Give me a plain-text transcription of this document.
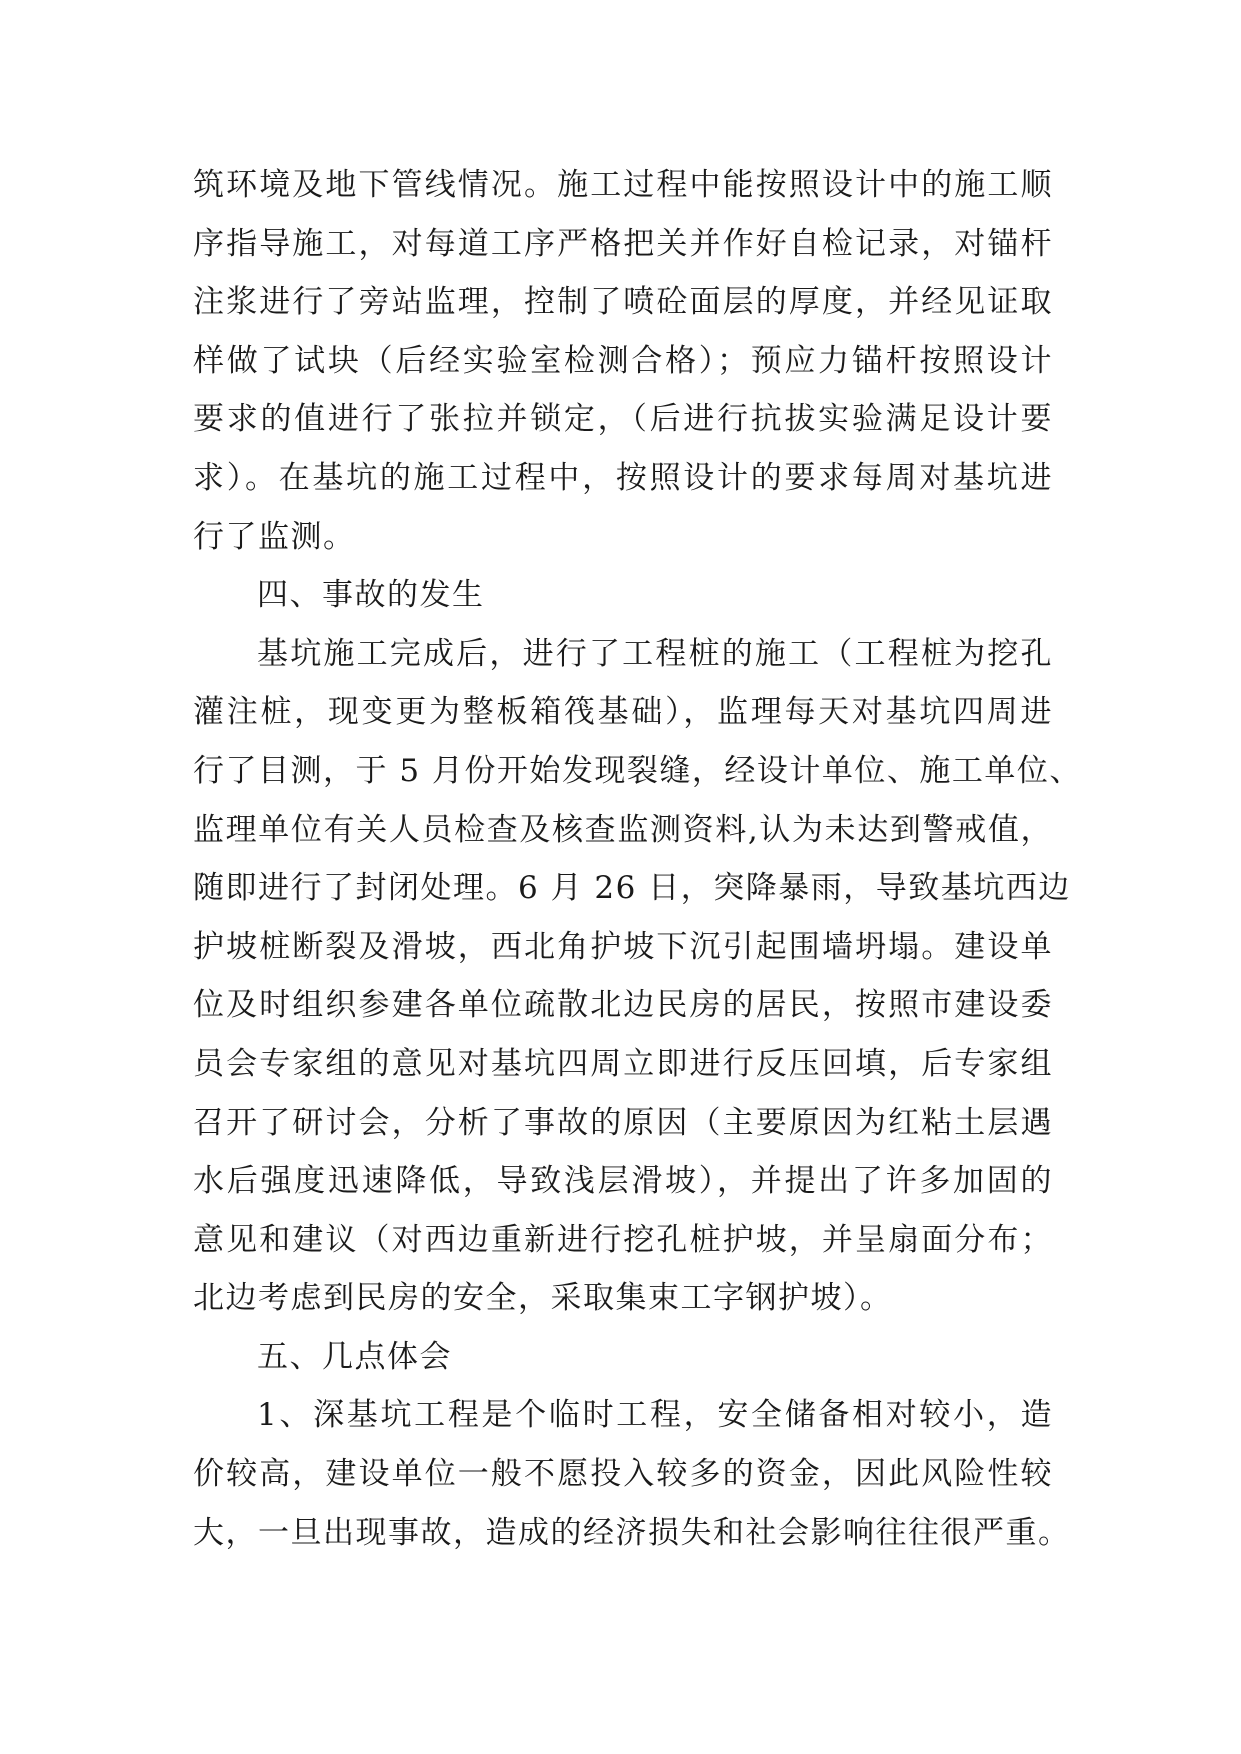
筑环境及地下管线情况。施工过程中能按照设计中的施工顺
序指导施工，对每道工序严格把关并作好自检记录，对锚杆
注浆进行了旁站监理，控制了喷砼面层的厚度，并经见证取
样做了试块（后经实验室检测合格）；预应力锚杆按照设计
要求的值进行了张拉并锁定，（后进行抗拔实验满足设计要
求）。在基坑的施工过程中，按照设计的要求每周对基坑进
行了监测。
四、事故的发生
基坑施工完成后，进行了工程桩的施工（工程桩为挖孔
灌注桩，现变更为整板箱筏基础），监理每天对基坑四周进
行了目测，于 5 月份开始发现裂缝，经设计单位、施工单位、
监理单位有关人员检查及核查监测资料,认为未达到警戒值，
随即进行了封闭处理。6 月 26 日，突降暴雨，导致基坑西边
护坡桩断裂及滑坡，西北角护坡下沉引起围墙坍塌。建设单
位及时组织参建各单位疏散北边民房的居民，按照市建设委
员会专家组的意见对基坑四周立即进行反压回填，后专家组
召开了研讨会，分析了事故的原因（主要原因为红粘土层遇
水后强度迅速降低，导致浅层滑坡），并提出了许多加固的
意见和建议（对西边重新进行挖孔桩护坡，并呈扇面分布；
北边考虑到民房的安全，采取集束工字钢护坡）。
五、几点体会
1、深基坑工程是个临时工程，安全储备相对较小，造
价较高，建设单位一般不愿投入较多的资金，因此风险性较
大，一旦出现事故，造成的经济损失和社会影响往往很严重。
